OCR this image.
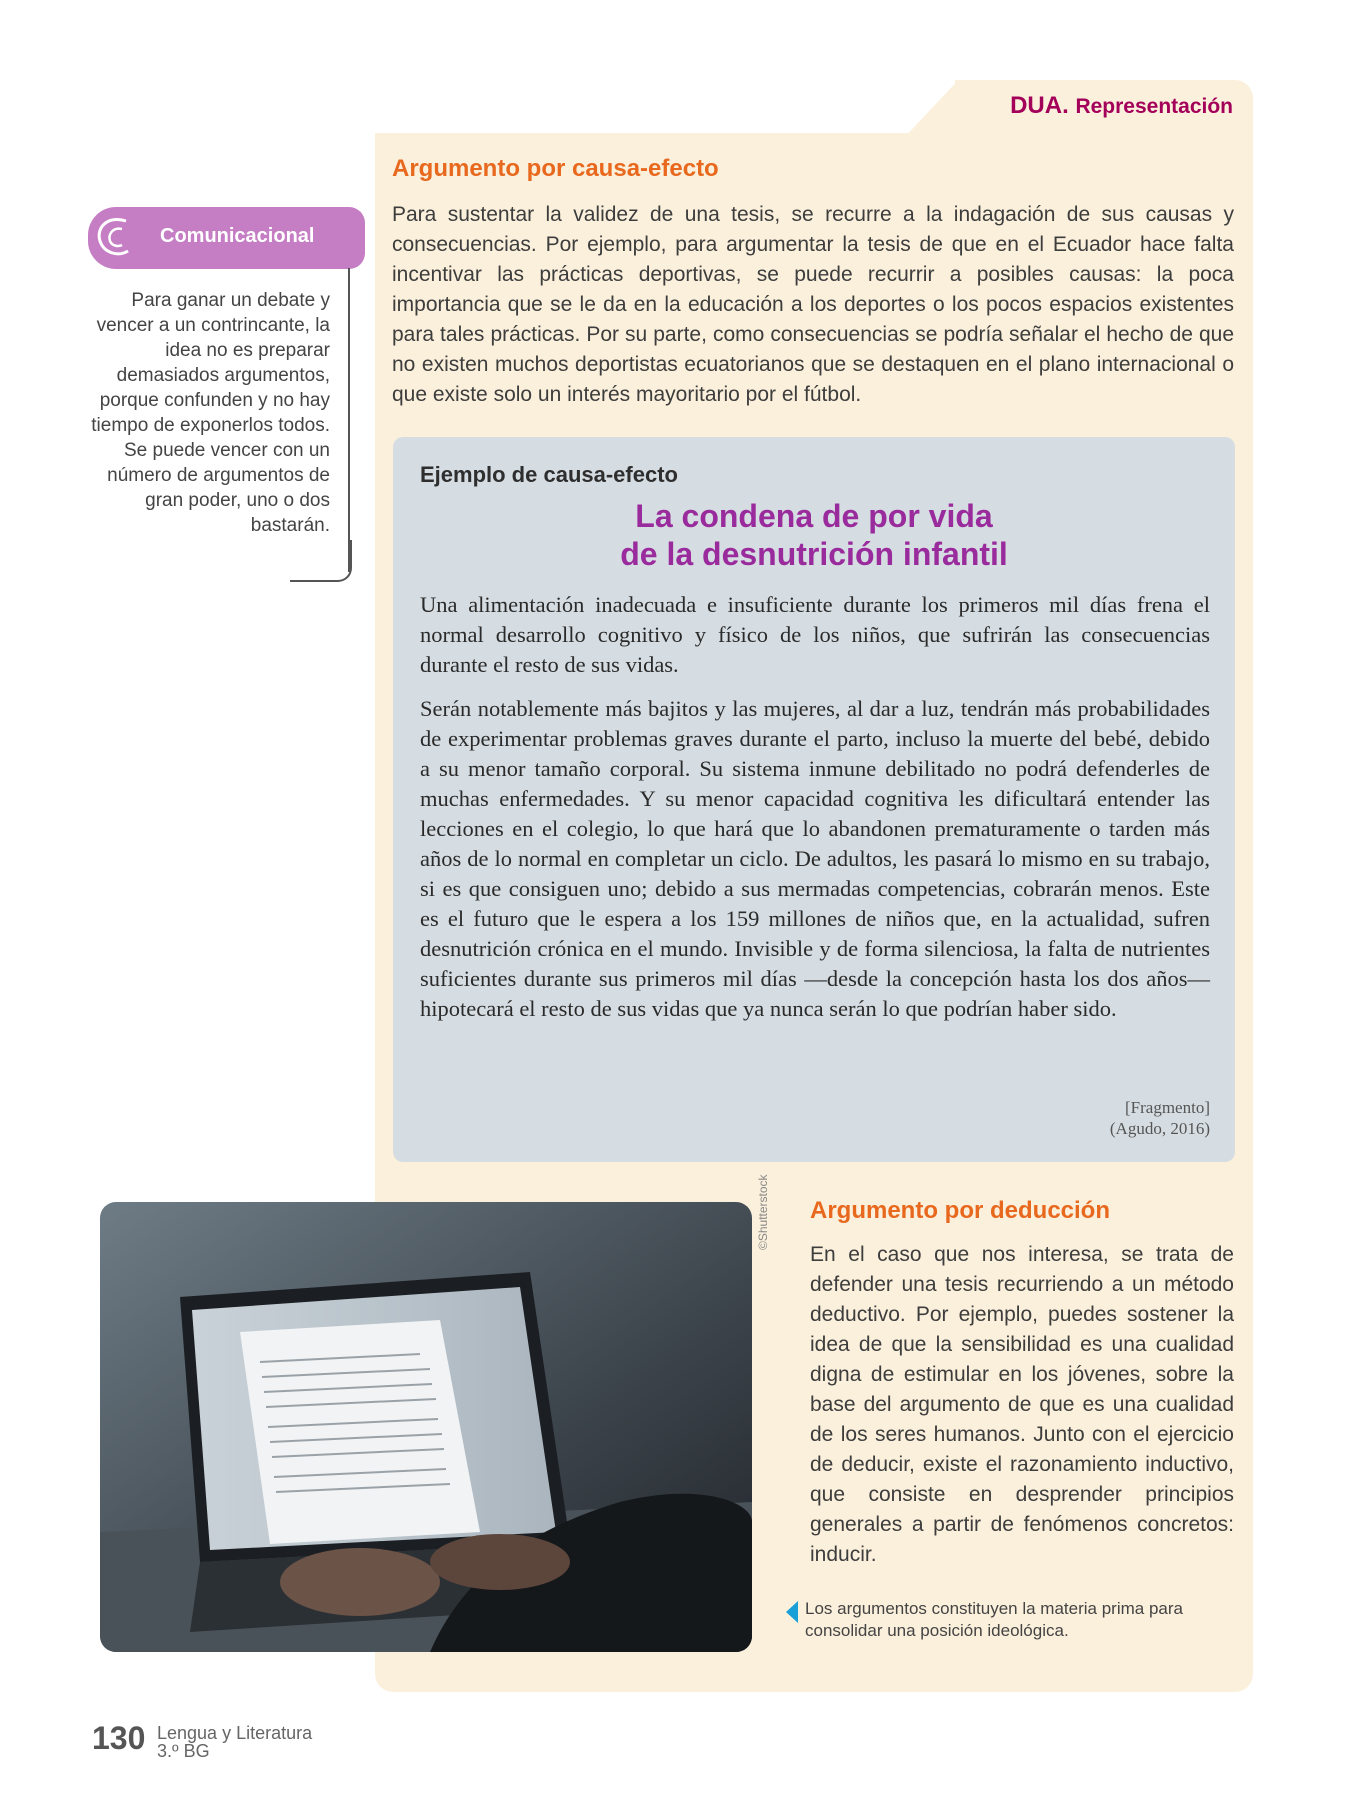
DUA. Representación
Comunicacional
Para ganar un debate y vencer a un contrincante, la idea no es preparar demasiados argumentos, porque confunden y no hay tiempo de exponerlos todos. Se puede vencer con un número de argumentos de gran poder, uno o dos bastarán.
Argumento por causa-efecto
Para sustentar la validez de una tesis, se recurre a la indagación de sus causas y consecuencias. Por ejemplo, para argumentar la tesis de que en el Ecuador hace falta incentivar las prácticas deportivas, se puede recurrir a posibles causas: la poca importancia que se le da en la educación a los deportes o los pocos espacios existentes para tales prácticas. Por su parte, como consecuencias se podría señalar el hecho de que no existen muchos deportistas ecuatorianos que se destaquen en el plano internacional o que existe solo un interés mayoritario por el fútbol.
Ejemplo de causa-efecto
La condena de por vida
de la desnutrición infantil
Una alimentación inadecuada e insuficiente durante los primeros mil días frena el normal desarrollo cognitivo y físico de los niños, que sufrirán las consecuencias durante el resto de sus vidas.
Serán notablemente más bajitos y las mujeres, al dar a luz, tendrán más probabilidades de experimentar problemas graves durante el parto, incluso la muerte del bebé, debido a su menor tamaño corporal. Su sistema inmune debilitado no podrá defenderles de muchas enfermedades. Y su menor capacidad cognitiva les dificultará entender las lecciones en el colegio, lo que hará que lo abandonen prematuramente o tarden más años de lo normal en completar un ciclo. De adultos, les pasará lo mismo en su trabajo, si es que consiguen uno; debido a sus mermadas competencias, cobrarán menos. Este es el futuro que le espera a los 159 millones de niños que, en la actualidad, sufren desnutrición crónica en el mundo. Invisible y de forma silenciosa, la falta de nutrientes suficientes durante sus primeros mil días —desde la concepción hasta los dos años— hipotecará el resto de sus vidas que ya nunca serán lo que podrían haber sido.
[Fragmento]
(Agudo, 2016)
©Shutterstock Argumento por deducción
En el caso que nos interesa, se trata de defender una tesis recurriendo a un método deductivo. Por ejemplo, puedes sostener la idea de que la sensibilidad es una cualidad digna de estimular en los jóvenes, sobre la base del argumento de que es una cualidad de los seres humanos. Junto con el ejercicio de deducir, existe el razonamiento inductivo, que consiste en desprender principios generales a partir de fenómenos concretos: inducir.
Los argumentos constituyen la materia prima para consolidar una posición ideológica.
130 Lengua y Literatura
3.º BG
